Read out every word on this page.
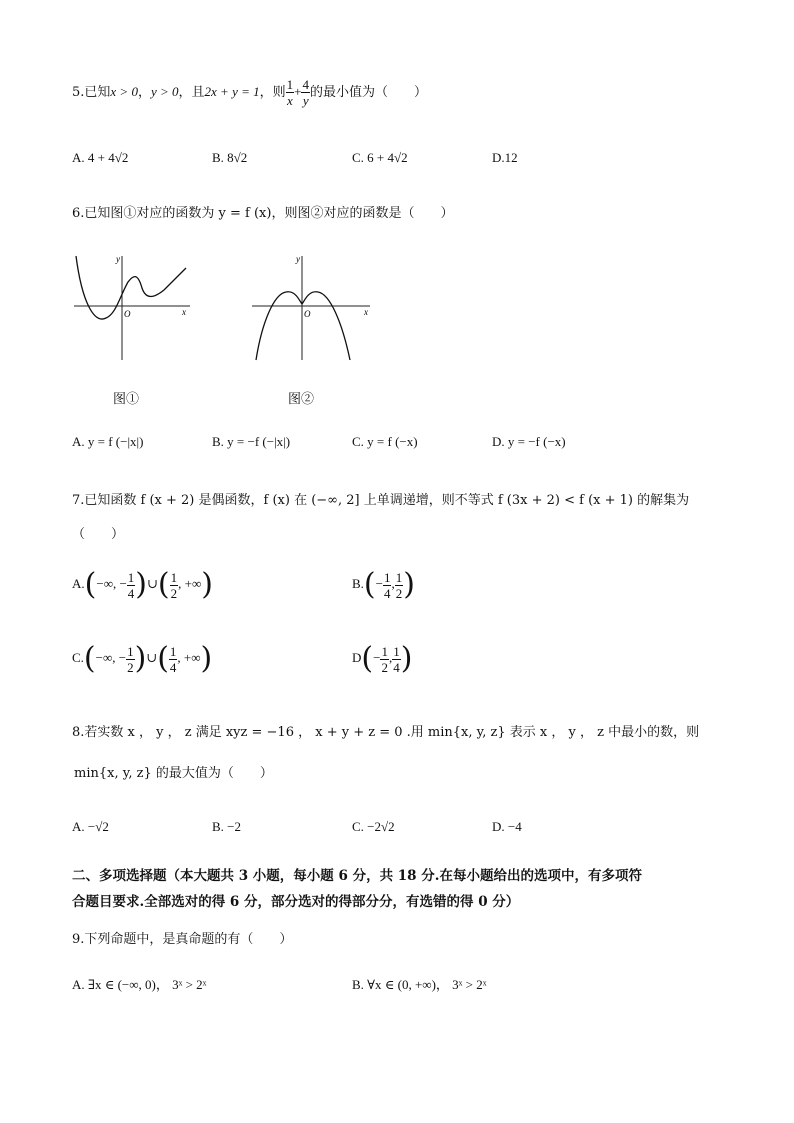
5.已知x > 0，y > 0，且2x + y = 1，则 $\frac{1}{x} + \frac{4}{y}$ 的最小值为（　　）
A. 4 + 4√2	B. 8√2	C. 6 + 4√2	D.12
6.已知图①对应的函数为 y = f (x)，则图②对应的函数是（　　）
y
x
O
y
x
O
图①	图②
A. y = f (−|x|)	B. y = −f (−|x|)	C. y = f (−x)	D. y = −f (−x)
7.已知函数 f (x + 2) 是偶函数，f (x) 在 (−∞, 2] 上单调递增，则不等式 f (3x + 2) < f (x + 1) 的解集为
（　　）
A.(−∞, − $\frac{1}{4}$ )∪( $\frac{1}{2}$ , +∞)	$B.(- \frac{1}{4}$ , $\frac{1}{2}$ )
C.(−∞, − $\frac{1}{2}$ )∪( $\frac{1}{4}$ , +∞)	$D(- \frac{1}{2}$ , $\frac{1}{4}$ )
8.若实数 x ， y ， z 满足 xyz = −16 ， x + y + z = 0 .用 min{x, y, z} 表示 x ， y ， z 中最小的数，则
min{x, y, z} 的最大值为（　　）
A. −√2	B. −2	C. −2√2	D. −4
二、多项选择题（本大题共 3 小题，每小题 6 分，共 18 分.在每小题给出的选项中，有多项符
合题目要求.全部选对的得 6 分，部分选对的得部分分，有选错的得 0 分）
9.下列命题中，是真命题的有（　　）
A. ∃x ∈ (−∞, 0)， 3ˣ > 2ˣ	B. ∀x ∈ (0, +∞)， 3ˣ > 2ˣ
